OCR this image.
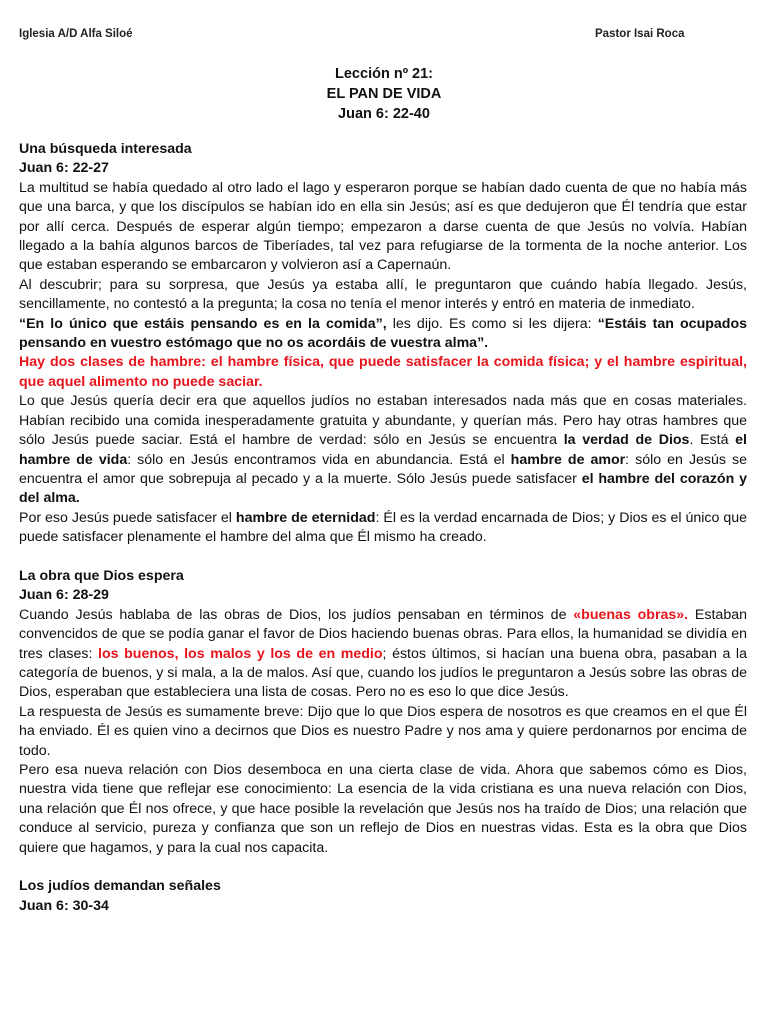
Iglesia A/D Alfa Siloé	Pastor Isai Roca
Lección nº 21:
EL PAN DE VIDA
Juan 6: 22-40

Una búsqueda interesada

Juan 6: 22-27

La multitud se había quedado al otro lado el lago y esperaron porque se habían dado cuenta de que no había más que una barca, y que los discípulos se habían ido en ella sin Jesús; así es que dedujeron que Él tendría que estar por allí cerca. Después de esperar algún tiempo; empezaron a darse cuenta de que Jesús no volvía. Habían llegado a la bahía algunos barcos de Tiberíades, tal vez para refugiarse de la tormenta de la noche anterior. Los que estaban esperando se embarcaron y volvieron así a Capernaún.

Al descubrir; para su sorpresa, que Jesús ya estaba allí, le preguntaron que cuándo había llegado. Jesús, sencillamente, no contestó a la pregunta; la cosa no tenía el menor interés y entró en materia de inmediato.

“En lo único que estáis pensando es en la comida”, les dijo. Es como si les dijera: “Estáis tan ocupados pensando en vuestro estómago que no os acordáis de vuestra alma”.

Hay dos clases de hambre: el hambre física, que puede satisfacer la comida física; y el hambre espiritual, que aquel alimento no puede saciar.

Lo que Jesús quería decir era que aquellos judíos no estaban interesados nada más que en cosas materiales. Habían recibido una comida inesperadamente gratuita y abundante, y querían más. Pero hay otras hambres que sólo Jesús puede saciar. Está el hambre de verdad: sólo en Jesús se encuentra la verdad de Dios. Está el hambre de vida: sólo en Jesús encontramos vida en abundancia. Está el hambre de amor: sólo en Jesús se encuentra el amor que sobrepuja al pecado y a la muerte. Sólo Jesús puede satisfacer el hambre del corazón y del alma.

Por eso Jesús puede satisfacer el hambre de eternidad: Él es la verdad encarnada de Dios; y Dios es el único que puede satisfacer plenamente el hambre del alma que Él mismo ha creado.

La obra que Dios espera

Juan 6: 28-29

Cuando Jesús hablaba de las obras de Dios, los judíos pensaban en términos de «buenas obras». Estaban convencidos de que se podía ganar el favor de Dios haciendo buenas obras. Para ellos, la humanidad se dividía en tres clases: los buenos, los malos y los de en medio; éstos últimos, si hacían una buena obra, pasaban a la categoría de buenos, y si mala, a la de malos. Así que, cuando los judíos le preguntaron a Jesús sobre las obras de Dios, esperaban que estableciera una lista de cosas. Pero no es eso lo que dice Jesús.

La respuesta de Jesús es sumamente breve: Dijo que lo que Dios espera de nosotros es que creamos en el que Él ha enviado. Él es quien vino a decirnos que Dios es nuestro Padre y nos ama y quiere perdonarnos por encima de todo.

Pero esa nueva relación con Dios desemboca en una cierta clase de vida. Ahora que sabemos cómo es Dios, nuestra vida tiene que reflejar ese conocimiento: La esencia de la vida cristiana es una nueva relación con Dios, una relación que Él nos ofrece, y que hace posible la revelación que Jesús nos ha traído de Dios; una relación que conduce al servicio, pureza y confianza que son un reflejo de Dios en nuestras vidas. Esta es la obra que Dios quiere que hagamos, y para la cual nos capacita.

Los judíos demandan señales

Juan 6: 30-34
